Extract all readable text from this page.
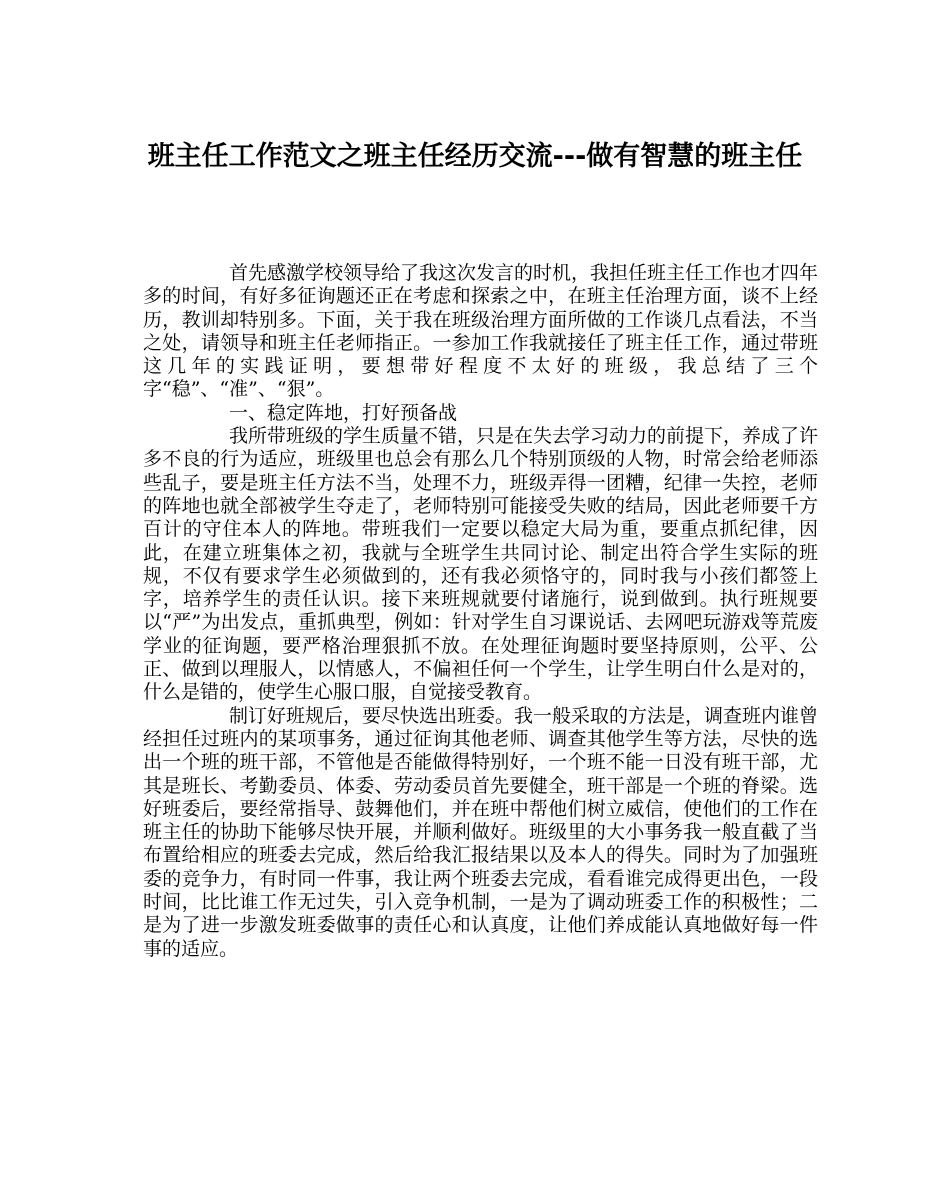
班主任工作范文之班主任经历交流---做有智慧的班主任

首先感激学校领导给了我这次发言的时机，我担任班主任工作也才四年多的时间，有好多征询题还正在考虑和探索之中，在班主任治理方面，谈不上经历，教训却特别多。下面，关于我在班级治理方面所做的工作谈几点看法，不当之处，请领导和班主任老师指正。一参加工作我就接任了班主任工作，通过带班这几年的实践证明，要想带好程度不太好的班级，我总结了三个字“稳”、“准”、“狠”。

一、稳定阵地，打好预备战

我所带班级的学生质量不错，只是在失去学习动力的前提下，养成了许多不良的行为适应，班级里也总会有那么几个特别顶级的人物，时常会给老师添些乱子，要是班主任方法不当，处理不力，班级弄得一团糟，纪律一失控，老师的阵地也就全部被学生夺走了，老师特别可能接受失败的结局，因此老师要千方百计的守住本人的阵地。带班我们一定要以稳定大局为重，要重点抓纪律，因此，在建立班集体之初，我就与全班学生共同讨论、制定出符合学生实际的班规，不仅有要求学生必须做到的，还有我必须恪守的，同时我与小孩们都签上字，培养学生的责任认识。接下来班规就要付诸施行，说到做到。执行班规要以“严”为出发点，重抓典型，例如：针对学生自习课说话、去网吧玩游戏等荒废学业的征询题，要严格治理狠抓不放。在处理征询题时要坚持原则，公平、公正、做到以理服人，以情感人，不偏袒任何一个学生，让学生明白什么是对的，什么是错的，使学生心服口服，自觉接受教育。

制订好班规后，要尽快选出班委。我一般采取的方法是，调查班内谁曾经担任过班内的某项事务，通过征询其他老师、调查其他学生等方法，尽快的选出一个班的班干部，不管他是否能做得特别好，一个班不能一日没有班干部，尤其是班长、考勤委员、体委、劳动委员首先要健全，班干部是一个班的脊梁。选好班委后，要经常指导、鼓舞他们，并在班中帮他们树立威信，使他们的工作在班主任的协助下能够尽快开展，并顺利做好。班级里的大小事务我一般直截了当布置给相应的班委去完成，然后给我汇报结果以及本人的得失。同时为了加强班委的竞争力，有时同一件事，我让两个班委去完成，看看谁完成得更出色，一段时间，比比谁工作无过失，引入竞争机制，一是为了调动班委工作的积极性；二是为了进一步激发班委做事的责任心和认真度，让他们养成能认真地做好每一件事的适应。
